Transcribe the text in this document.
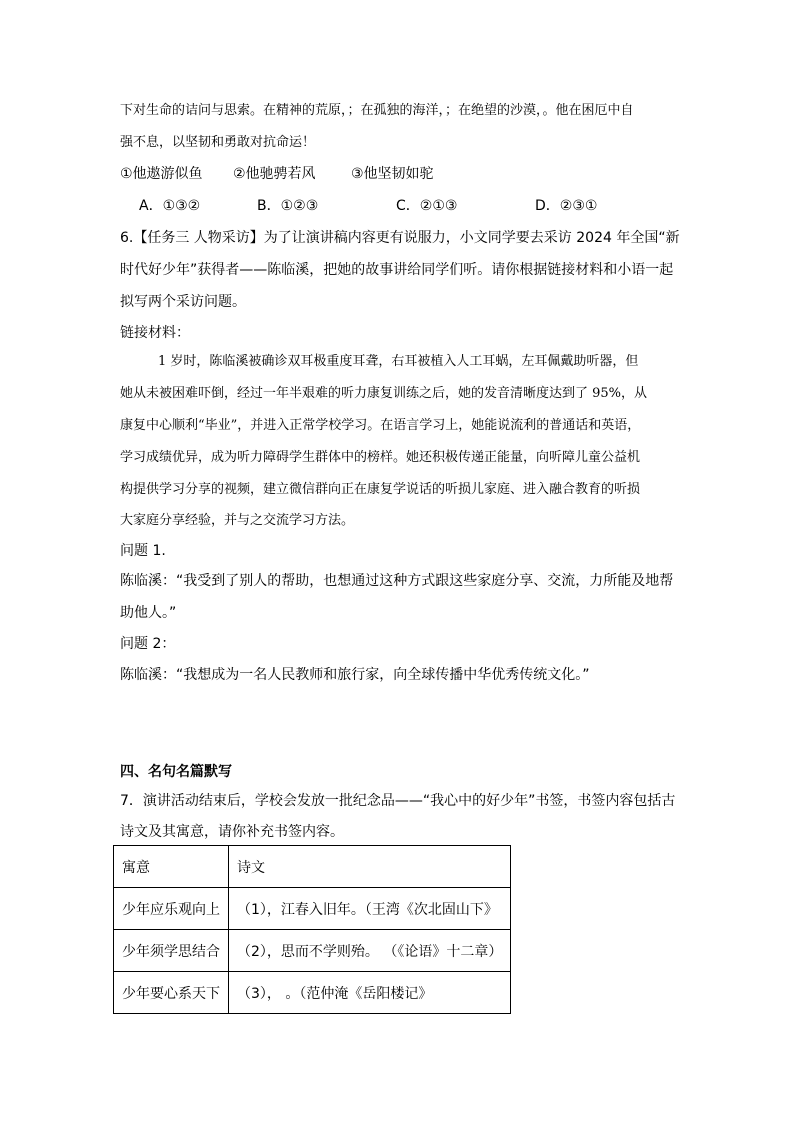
下对生命的诘问与思索。在精神的荒原，；在孤独的海洋，；在绝望的沙漠，。他在困厄中自
强不息，以坚韧和勇敢对抗命运！
①他遨游似鱼 ②他驰骋若风	③他坚韧如驼
A．①③②	B．①②③	C．②①③	D．②③①
6.【任务三 人物采访】为了让演讲稿内容更有说服力，小文同学要去采访 2024 年全国“新
时代好少年”获得者——陈临溪，把她的故事讲给同学们听。请你根据链接材料和小语一起
拟写两个采访问题。
链接材料：
1 岁时，陈临溪被确诊双耳极重度耳聋，右耳被植入人工耳蜗，左耳佩戴助听器，但
她从未被困难吓倒，经过一年半艰难的听力康复训练之后，她的发音清晰度达到了 95%，从
康复中心顺利“毕业”，并进入正常学校学习。在语言学习上，她能说流利的普通话和英语，
学习成绩优异，成为听力障碍学生群体中的榜样。她还积极传递正能量，向听障儿童公益机
构提供学习分享的视频，建立微信群向正在康复学说话的听损儿家庭、进入融合教育的听损
大家庭分享经验，并与之交流学习方法。
问题 1.
陈临溪：“我受到了别人的帮助，也想通过这种方式跟这些家庭分享、交流，力所能及地帮
助他人。”
问题 2：
陈临溪：“我想成为一名人民教师和旅行家，向全球传播中华优秀传统文化。”
四、名句名篇默写
7．演讲活动结束后，学校会发放一批纪念品——“我心中的好少年”书签，书签内容包括古
诗文及其寓意，请你补充书签内容。
寓意	诗文
少年应乐观向上	（1），江春入旧年。（王湾《次北固山下》
少年须学思结合	（2），思而不学则殆。 （《论语》十二章）
少年要心系天下	（3）， 。（范仲淹《岳阳楼记》
